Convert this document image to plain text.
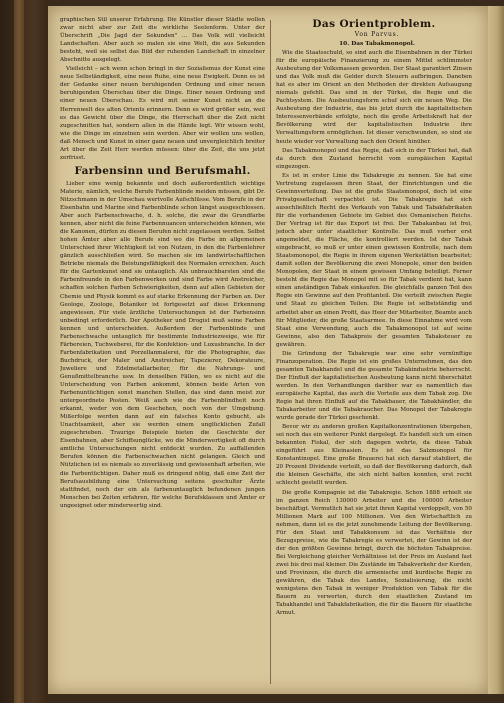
graphischen Stil unserer Erfahrung. Die Künstler dieser Städte wollen zwar nicht aber zur Zeit die wirkliche Seelenform. Unter der Überschrift „Die Jagd der Sekunden" ... Das Volk will vielleicht Landschaften. Aber auch so malen sie eine Welt, die aus Sekunden besteht, weil sie selbst das Bild der ruhenden Landschaft in einzelner Abschnitte ausgelegt.

Vielleicht – ach wenn schon bringt in der Sozialismus der Kunst eine neue Selbständigkeit, eine neue Ruhe, eine neue Ewigkeit. Denn es ist der Gedanke einer neuen beruhigenden Ordnung und einer neuen beruhigenden Überschau über die Dinge. Einer neuen Ordnung und einer neuen Überschau. Es wird mit seiner Kunst nicht an die Herrenwelt des alten Orients erinnern. Denn es wird größer sein, weil es das Gewicht über die Dinge, die Herrschaft über die Zeit nicht zugeschnitten hat, sondern allen in die Hände legt. Wir wissen wohl, wie die Dinge im einzelnen sein werden. Aber wir wollen uns wollen, daß Mensch und Kunst in einer ganz neuen und unvergleichlich breiter Art über die Zeit Herr werden müssen: über die Zeit, die uns jetzt zerfrisst.

Farbensinn und Berufsmahl.

Lieber eine wenig bekannte und doch außerordentlich wichtige Materie, nämlich, welche Berufe Farbenblinde meiden müssen, gibt Dr. Nitzschmann in der Umschau wertvolle Aufschlüsse. Vom Berufe in der Eisenbahn und Marine sind Farbenblinde schon längst ausgeschlossen. Aber auch Farbenschwache, d. h. solche, die zwar die Grundfarbe kennen, aber nicht die feine Farbennuancen unterscheiden können, wie die Kanonen, dürfen zu diesen Berufen nicht zugelassen werden. Selbst hohen Ämter aber alle Berufe sind wo die Farbe im allgemeinen Unterschied ihrer Wichtigkeit ist von Nutzen, in den die Farbenlehrer gänzlich ausschließen wird. So machen sie im landwirtschaftlichen Betriebe niemals die Beistungsfähigkeit des Normalen erreichen. Auch für die Gartenkunst sind sie untauglich. Als unbrauchbarsten sind die Farbenfreunde in den Farbenwerken und sind Farbe wird Anstreicher, schaffen solchen Farben Schwierigkeiten, denn auf allen Gebieten der Chemie und Physik kommt es auf starke Erkennung der Farben an. Der Geologe, Zoologe, Botaniker ist fortgesetzt auf diese Erkennung angewiesen. Für viele ärztliche Untersuchungen ist der Farbensinn unbedingt erforderlich. Der Apotheker und Drogist muß seine Farben kennen und unterscheiden. Außerdem der Farbenblinde und Farbenschwache untauglich für bestimmte Industriezweige, wie für Färbereien, Tuchweberei, für die Konfektion- und Luxusbranche. In der Farbenfabrikation und Porzellanmalerei, für die Photographie, das Buchdruck, der Maler und Anstreicher, Tapezierer, Dekorateure, Juweliere und Edelmetallarbeiter, für die Nahrungs- und Genußmittelbranche usw. In denselben Fällen, wo es nicht auf die Unterscheidung von Farben ankommt, können beide Arten von Farbenuntüchtigen sonst manchen Stellen, das sind dann meist zur untergeordnete Posten. Weiß auch wie die Farbenblindheit noch erkannt, weder von dem Geschehen, noch von der Umgebung. Mißerfolge werden dann auf ein falsches Konto gebucht, als Unachtsamkeit, aber sie werden einem unglücklichen Zufall zugeschrieben. Traurige Beispiele bieten die Geschichte der Eisenbahnen, aber Schiffsunglücke, wo die Minderwertigkeit oft durch amtliche Untersuchungen nicht entdeckt wurden. Zu auffallenden Berufen können die Farbenschwachen nicht gelangen. Gleich und Nützlichen ist es niemals so zuverlässig und gewissenhaft arbeiten, wie die Farbentüchtigen. Daher muß es dringend nötig, daß eine Zeit der Berufsausbildung eine Untersuchung seitens geschulter Ärzte stattfindet, noch der ein als farbenuntauglich befundenen jungen Menschen bei Zeiten erfahren, für welche Berufsklassen und Ämter er ungeeignet oder minderwertig sind.

Das Orientproblem.

Von Parvus.

10. Das Tabakmonopol.

Wie die Staatsschuld, so sind auch die Eisenbahnen in der Türkei für die europäische Finanzierung zu einem Mittel schlimmster Ausbeutung der Volksmassen geworden. Der Staat garantiert Zinsen und das Volk muß die Gelder durch Steuern aufbringen. Daneben hat es aber im Orient an den Methoden der direkten Aufsaugung niemals gefehlt. Das sind in der Türkei, die Regie und die Pachtsystem. Die Ausbeutungsform schuf sich ein neuen Weg. Die Ausbeutung der Industrie, das bis jetzt durch die kapitalistischen Interessenverbände erfolgte, noch die große Arbeitskraft hat der Bevölkerung wird der kapitalistischen Industrie ihre Verwaltungsform ermöglichen. Ist dieser verschwunden, so sind sie heute wieder vor Verwaltung nach den Orient hinüber.

Das Tabakmonopol und das Regie, daß sich in der Türkei hat, daß da durch den Zustand herrscht vom europäischen Kapital eingezogen.

Es ist in erster Linie die Tabakregie zu nennen. Sie hat eine Vertretung zugelassen ihren Staat, der Einrichtungen und die Gewinnverteilung. Das ist die große Staatsmonopol, doch ist eine Privatgesellschaft verpachtet ist. Die Tabakregie hat sich ausschließlich Recht des Verkaufs von Tabak und Tabakfabrikaten für die vorhandenen Gebiete im Gebiet des Osmanischen Reichs. Der Vertrag ist für das Export ist frei. Der Tabakanbau ist frei, jedoch aber unter staatlicher Kontrolle. Das muß vorher erst angemeldet, die Fläche, die kontrolliert werden. Ist der Tabak eingebracht, so muß er unter einen gewissen Kontrolle, nach dem Staatsmonopol, die Regie in ihrem eigenen Werkstätten bearbeitet; damit sollen der Bevölkerung die zwei Monopole, einer den beiden Monopolen, der Staat in einem gewissen Umfang beteiligt. Ferner besteht die Regie das Monopol mit so für Tabak verdient hat, kann einen anständigen Tabak einkaufen. Die gleichfalls ganzen Teil des Regie ein Gewinne auf den Profitanteil. Die verteilt zwischen Regie und Staat zu gleichen Teilen. Die Regie ist selbstständig und arbeitet aber an einen Profit, das Heer der Mitarbeiter, Beamte auch für Mitglieder, die große Staatsarmee. In diese Einnahme wird vom Staat eine Verwendung, auch die Tabakmonopol ist auf seine Gewinne, also den Tabakpreis der gesamten Tabaksteuer zu gewähren.

Die Gründung der Tabakregie war eine sehr vernünftige Finanzoperation. Die Regie ist ein großes Unternehmen, das den gesamten Tabakhandel und die gesamte Tabakindustrie beherrscht. Der Einfluß der kapitalistischen Ausbeutung kann nicht überschätzt werden. In den Verhandlungen darüber war es namentlich das europäische Kapital, das auch die Vorteile aus dem Tabak zog. Die Regie hat ihren Einfluß auf die Tabakbauer, die Tabakhändler, die Tabakarbeiter und die Tabakraucher. Das Monopol der Tabakregie wurde gerade der Türkei geschenkt.

Bevor wir zu anderen großen Kapitalkonzentrationen übergehen, sei noch das ein weiterer Punkt dargelegt. Es handelt sich um einen bekannten Fiskal, der sich dagegen wehrte, da diese Tabak eingeführt aus Kleinasien. Es ist das Salzmonopol für Konstantinopel. Eine große Brauerei hat sich darauf stabiliert, die 20 Prozent Dividende verteilt, so daß der Bevölkerung dadurch, daß die kleinen Geschäfte, die sich nicht halten konnten, erst recht schlecht gestellt wurden.

Die große Kompagnie ist die Tabakregie. Schon 1888 erhielt sie im ganzen Reich 130000 Arbeiter und die 100000 Arbeiter beschäftigt. Vermutlich hat sie jetzt ihren Kapital verdoppelt, von 50 Millionen Mark auf 100 Millionen. Von den Wirtschaftlich zu nehmen, dann ist es die jetzt zunehmende Leitung der Bevölkerung. Für den Staat und Tabakkonsum ist das Verhältnis der Bezugspreise, wie die Tabakregie es verwertet, der Gewinn ist der der den größten Gewinne bringt, durch die höchsten Tabakpreise. Bei Vergleichung gleicher Verhältnisse ist der Preis im Ausland fast zwei bis drei mal kleiner. Die Zustände im Tabakverkehr der Kurden, und Provinzen, die durch die armenische und kurdische Regie zu gewähren, die Tabak des Landes, Sozialisierung, die nicht wenigstens den Tabak in weniger Produktion von Tabak für die Bauern zu verwerten, durch den staatlichen Zustand im Tabakhandel und Tabakfabrikation, die für die Bauern für staatliche Armut.
